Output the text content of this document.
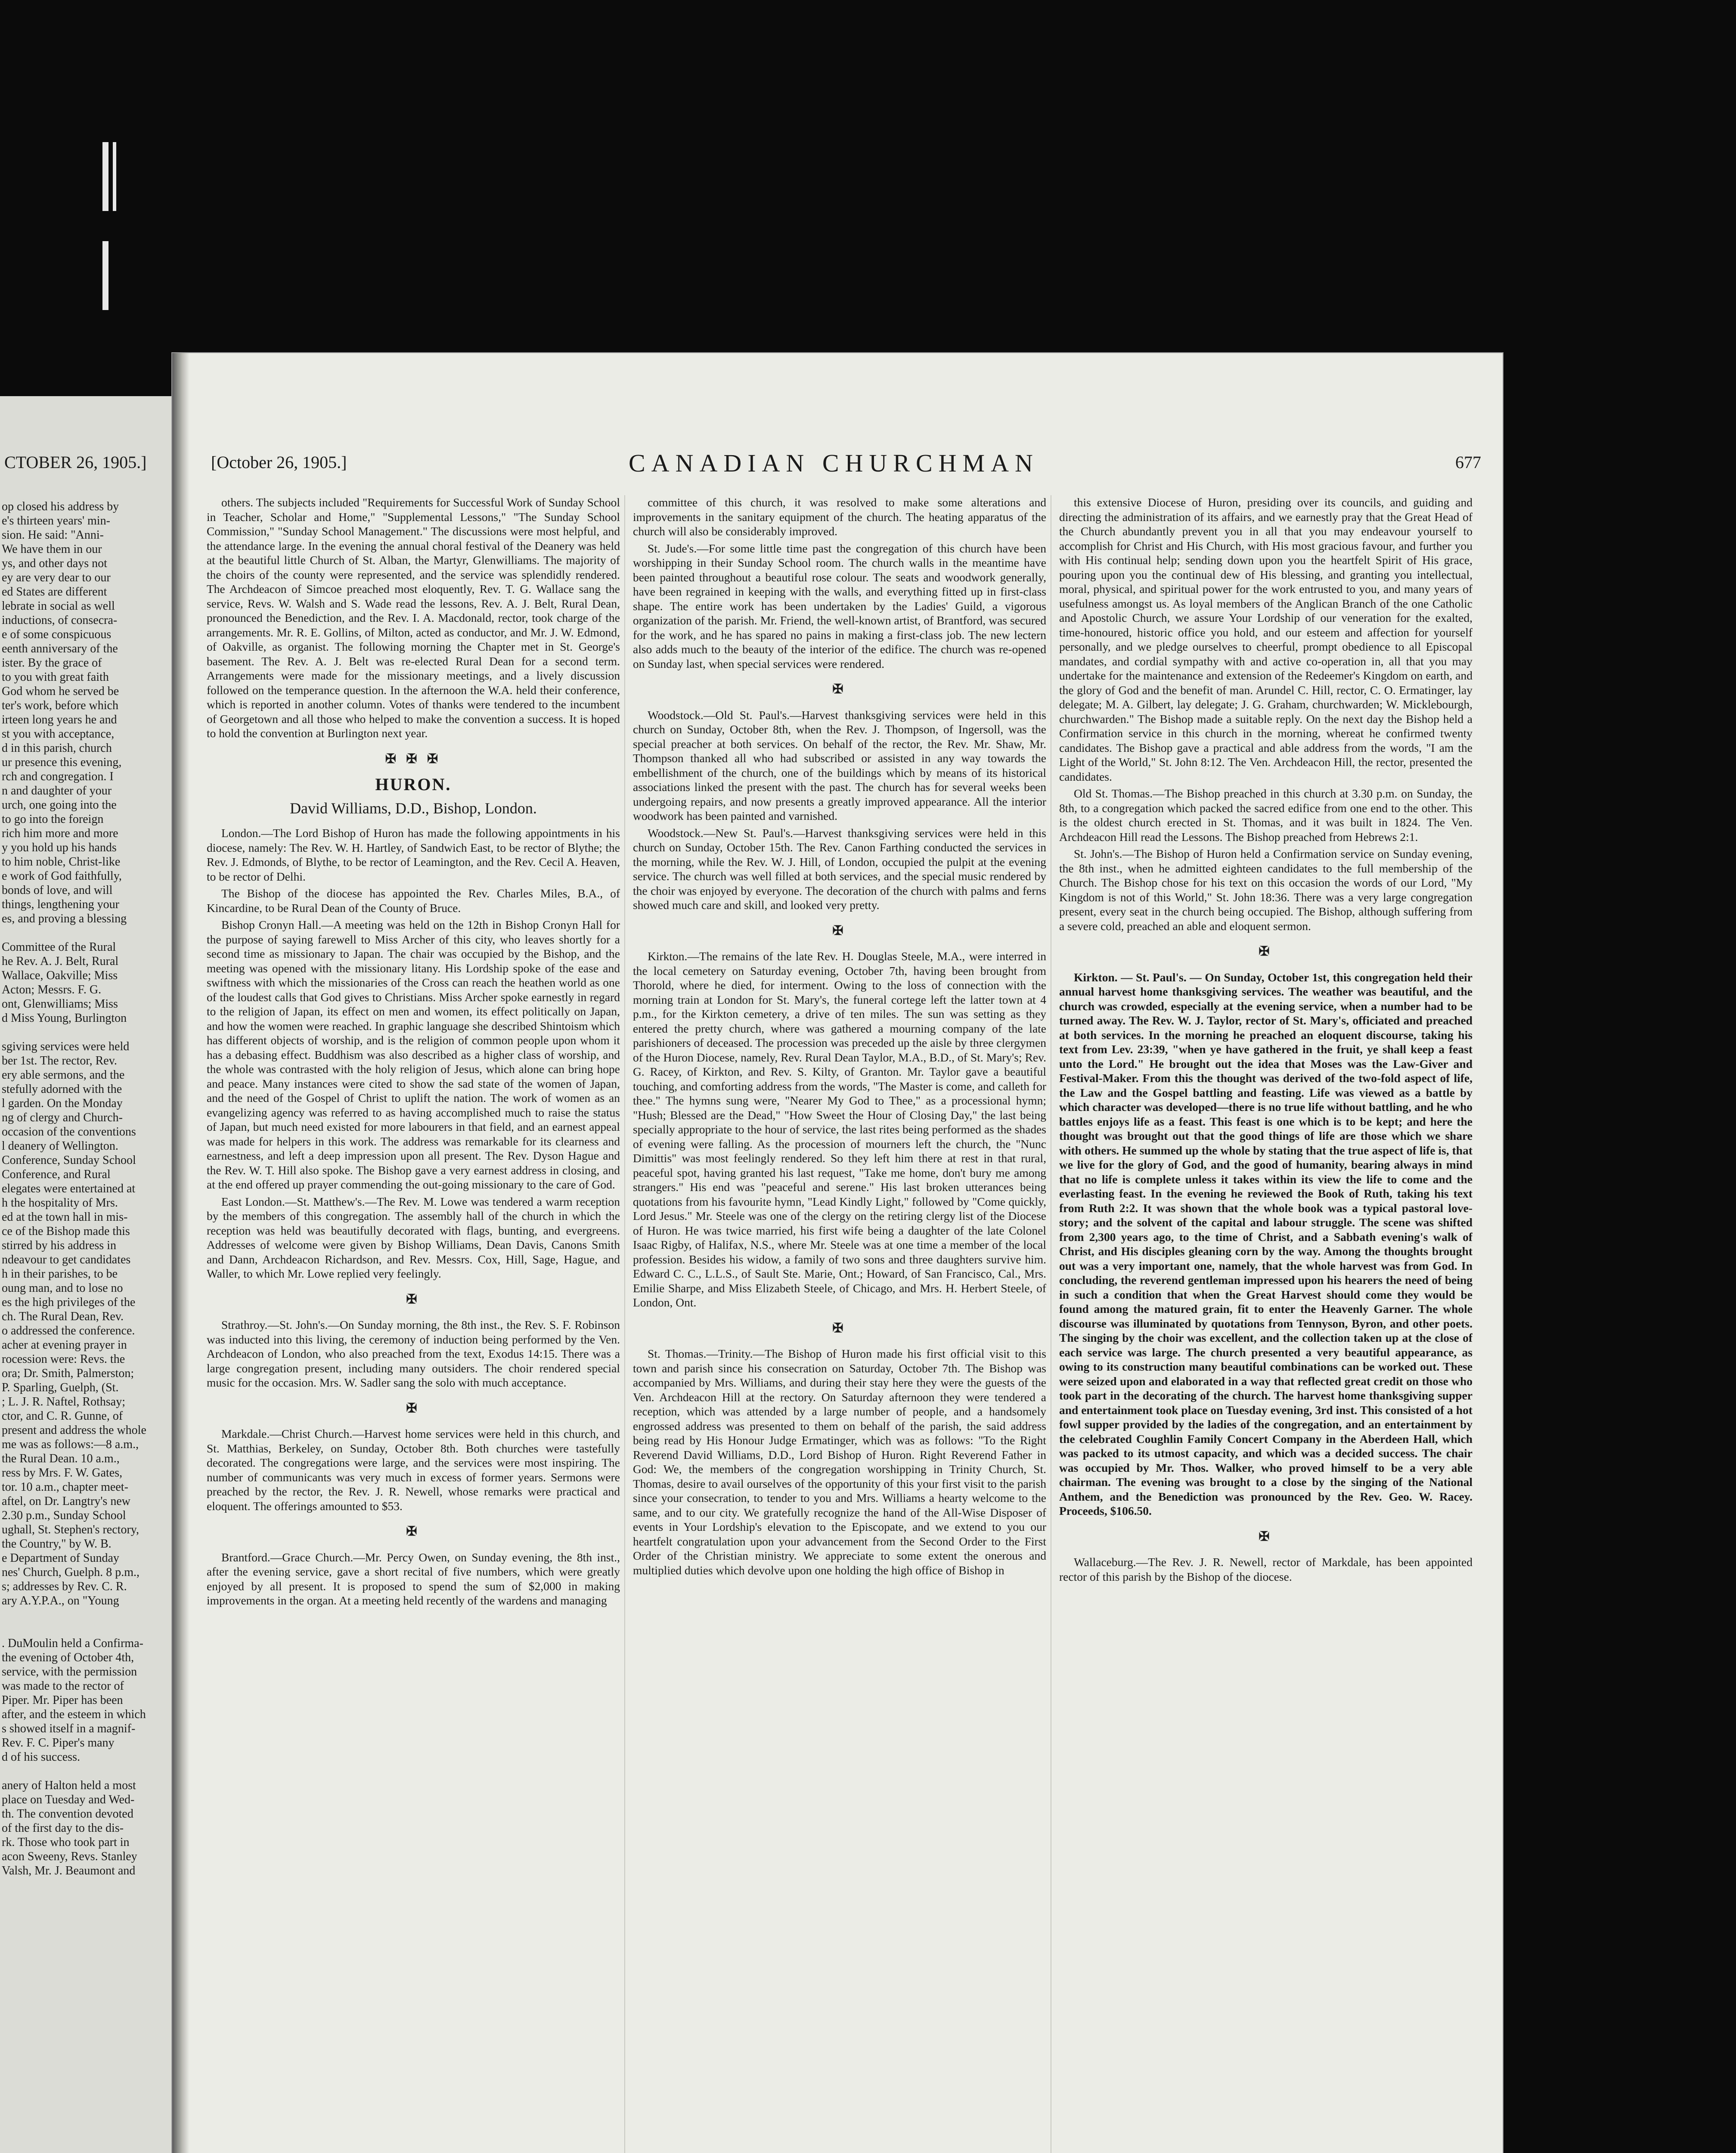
CTOBER 26, 1905.]
op closed his address by
e's thirteen years' min-
sion. He said: "Anni-
We have them in our
ys, and other days not
ey are very dear to our
ed States are different
lebrate in social as well
inductions, of consecra-
e of some conspicuous
eenth anniversary of the
ister. By the grace of
to you with great faith
God whom he served be
ter's work, before which
irteen long years he and
st you with acceptance,
d in this parish, church
ur presence this evening,
rch and congregation. I
n and daughter of your
urch, one going into the
to go into the foreign
rich him more and more
y you hold up his hands
to him noble, Christ-like
e work of God faithfully,
bonds of love, and will
things, lengthening your
es, and proving a blessing

Committee of the Rural
he Rev. A. J. Belt, Rural
Wallace, Oakville; Miss
Acton; Messrs. F. G.
ont, Glenwilliams; Miss
d Miss Young, Burlington

sgiving services were held
ber 1st. The rector, Rev.
ery able sermons, and the
stefully adorned with the
l garden. On the Monday
ng of clergy and Church-
occasion of the conventions
l deanery of Wellington.
Conference, Sunday School
Conference, and Rural
elegates were entertained at
h the hospitality of Mrs.
ed at the town hall in mis-
ce of the Bishop made this
stirred by his address in
ndeavour to get candidates
h in their parishes, to be
oung man, and to lose no
es the high privileges of the
ch. The Rural Dean, Rev.
o addressed the conference.
acher at evening prayer in
rocession were: Revs. the
ora; Dr. Smith, Palmerston;
P. Sparling, Guelph, (St.
; L. J. R. Naftel, Rothsay;
ctor, and C. R. Gunne, of
present and address the whole
me was as follows:—8 a.m.,
the Rural Dean. 10 a.m.,
ress by Mrs. F. W. Gates,
tor. 10 a.m., chapter meet-
aftel, on Dr. Langtry's new
2.30 p.m., Sunday School
ughall, St. Stephen's rectory,
the Country," by W. B.
e Department of Sunday
nes' Church, Guelph. 8 p.m.,
s; addresses by Rev. C. R.
ary A.Y.P.A., on "Young

. DuMoulin held a Confirma-
the evening of October 4th,
service, with the permission
was made to the rector of
Piper. Mr. Piper has been
after, and the esteem in which
s showed itself in a magnif-
Rev. F. C. Piper's many
d of his success.

anery of Halton held a most
place on Tuesday and Wed-
th. The convention devoted
of the first day to the dis-
rk. Those who took part in
acon Sweeny, Revs. Stanley
Valsh, Mr. J. Beaumont and
[October 26, 1905.]	CANADIAN CHURCHMAN	677

others. The subjects included "Requirements for Successful Work of Sunday School in Teacher, Scholar and Home," "Supplemental Lessons," "The Sunday School Commission," "Sunday School Management." The discussions were most helpful, and the attendance large. In the evening the annual choral festival of the Deanery was held at the beautiful little Church of St. Alban, the Martyr, Glenwilliams. The majority of the choirs of the county were represented, and the service was splendidly rendered. The Archdeacon of Simcoe preached most eloquently, Rev. T. G. Wallace sang the service, Revs. W. Walsh and S. Wade read the lessons, Rev. A. J. Belt, Rural Dean, pronounced the Benediction, and the Rev. I. A. Macdonald, rector, took charge of the arrangements. Mr. R. E. Gollins, of Milton, acted as conductor, and Mr. J. W. Edmond, of Oakville, as organist. The following morning the Chapter met in St. George's basement. The Rev. A. J. Belt was re-elected Rural Dean for a second term. Arrangements were made for the missionary meetings, and a lively discussion followed on the temperance question. In the afternoon the W.A. held their conference, which is reported in another column. Votes of thanks were tendered to the incumbent of Georgetown and all those who helped to make the convention a success. It is hoped to hold the convention at Burlington next year.

✠ ✠ ✠
HURON.
David Williams, D.D., Bishop, London.

London.—The Lord Bishop of Huron has made the following appointments in his diocese, namely: The Rev. W. H. Hartley, of Sandwich East, to be rector of Blythe; the Rev. J. Edmonds, of Blythe, to be rector of Leamington, and the Rev. Cecil A. Heaven, to be rector of Delhi.

The Bishop of the diocese has appointed the Rev. Charles Miles, B.A., of Kincardine, to be Rural Dean of the County of Bruce.

Bishop Cronyn Hall.—A meeting was held on the 12th in Bishop Cronyn Hall for the purpose of saying farewell to Miss Archer of this city, who leaves shortly for a second time as missionary to Japan. The chair was occupied by the Bishop, and the meeting was opened with the missionary litany. His Lordship spoke of the ease and swiftness with which the missionaries of the Cross can reach the heathen world as one of the loudest calls that God gives to Christians. Miss Archer spoke earnestly in regard to the religion of Japan, its effect on men and women, its effect politically on Japan, and how the women were reached. In graphic language she described Shintoism which has different objects of worship, and is the religion of common people upon whom it has a debasing effect. Buddhism was also described as a higher class of worship, and the whole was contrasted with the holy religion of Jesus, which alone can bring hope and peace. Many instances were cited to show the sad state of the women of Japan, and the need of the Gospel of Christ to uplift the nation. The work of women as an evangelizing agency was referred to as having accomplished much to raise the status of Japan, but much need existed for more labourers in that field, and an earnest appeal was made for helpers in this work. The address was remarkable for its clearness and earnestness, and left a deep impression upon all present. The Rev. Dyson Hague and the Rev. W. T. Hill also spoke. The Bishop gave a very earnest address in closing, and at the end offered up prayer commending the out-going missionary to the care of God.

East London.—St. Matthew's.—The Rev. M. Lowe was tendered a warm reception by the members of this congregation. The assembly hall of the church in which the reception was held was beautifully decorated with flags, bunting, and evergreens. Addresses of welcome were given by Bishop Williams, Dean Davis, Canons Smith and Dann, Archdeacon Richardson, and Rev. Messrs. Cox, Hill, Sage, Hague, and Waller, to which Mr. Lowe replied very feelingly.

✠

Strathroy.—St. John's.—On Sunday morning, the 8th inst., the Rev. S. F. Robinson was inducted into this living, the ceremony of induction being performed by the Ven. Archdeacon of London, who also preached from the text, Exodus 14:15. There was a large congregation present, including many outsiders. The choir rendered special music for the occasion. Mrs. W. Sadler sang the solo with much acceptance.

✠

Markdale.—Christ Church.—Harvest home services were held in this church, and St. Matthias, Berkeley, on Sunday, October 8th. Both churches were tastefully decorated. The congregations were large, and the services were most inspiring. The number of communicants was very much in excess of former years. Sermons were preached by the rector, the Rev. J. R. Newell, whose remarks were practical and eloquent. The offerings amounted to $53.

✠

Brantford.—Grace Church.—Mr. Percy Owen, on Sunday evening, the 8th inst., after the evening service, gave a short recital of five numbers, which were greatly enjoyed by all present. It is proposed to spend the sum of $2,000 in making improvements in the organ. At a meeting held recently of the wardens and managing

committee of this church, it was resolved to make some alterations and improvements in the sanitary equipment of the church. The heating apparatus of the church will also be considerably improved.

St. Jude's.—For some little time past the congregation of this church have been worshipping in their Sunday School room. The church walls in the meantime have been painted throughout a beautiful rose colour. The seats and woodwork generally, have been regrained in keeping with the walls, and everything fitted up in first-class shape. The entire work has been undertaken by the Ladies' Guild, a vigorous organization of the parish. Mr. Friend, the well-known artist, of Brantford, was secured for the work, and he has spared no pains in making a first-class job. The new lectern also adds much to the beauty of the interior of the edifice. The church was re-opened on Sunday last, when special services were rendered.

✠

Woodstock.—Old St. Paul's.—Harvest thanksgiving services were held in this church on Sunday, October 8th, when the Rev. J. Thompson, of Ingersoll, was the special preacher at both services. On behalf of the rector, the Rev. Mr. Shaw, Mr. Thompson thanked all who had subscribed or assisted in any way towards the embellishment of the church, one of the buildings which by means of its historical associations linked the present with the past. The church has for several weeks been undergoing repairs, and now presents a greatly improved appearance. All the interior woodwork has been painted and varnished.

Woodstock.—New St. Paul's.—Harvest thanksgiving services were held in this church on Sunday, October 15th. The Rev. Canon Farthing conducted the services in the morning, while the Rev. W. J. Hill, of London, occupied the pulpit at the evening service. The church was well filled at both services, and the special music rendered by the choir was enjoyed by everyone. The decoration of the church with palms and ferns showed much care and skill, and looked very pretty.

✠

Kirkton.—The remains of the late Rev. H. Douglas Steele, M.A., were interred in the local cemetery on Saturday evening, October 7th, having been brought from Thorold, where he died, for interment. Owing to the loss of connection with the morning train at London for St. Mary's, the funeral cortege left the latter town at 4 p.m., for the Kirkton cemetery, a drive of ten miles. The sun was setting as they entered the pretty church, where was gathered a mourning company of the late parishioners of deceased. The procession was preceded up the aisle by three clergymen of the Huron Diocese, namely, Rev. Rural Dean Taylor, M.A., B.D., of St. Mary's; Rev. G. Racey, of Kirkton, and Rev. S. Kilty, of Granton. Mr. Taylor gave a beautiful touching, and comforting address from the words, "The Master is come, and calleth for thee." The hymns sung were, "Nearer My God to Thee," as a processional hymn; "Hush; Blessed are the Dead," "How Sweet the Hour of Closing Day," the last being specially appropriate to the hour of service, the last rites being performed as the shades of evening were falling. As the procession of mourners left the church, the "Nunc Dimittis" was most feelingly rendered. So they left him there at rest in that rural, peaceful spot, having granted his last request, "Take me home, don't bury me among strangers." His end was "peaceful and serene." His last broken utterances being quotations from his favourite hymn, "Lead Kindly Light," followed by "Come quickly, Lord Jesus." Mr. Steele was one of the clergy on the retiring clergy list of the Diocese of Huron. He was twice married, his first wife being a daughter of the late Colonel Isaac Rigby, of Halifax, N.S., where Mr. Steele was at one time a member of the local profession. Besides his widow, a family of two sons and three daughters survive him. Edward C. C., L.L.S., of Sault Ste. Marie, Ont.; Howard, of San Francisco, Cal., Mrs. Emilie Sharpe, and Miss Elizabeth Steele, of Chicago, and Mrs. H. Herbert Steele, of London, Ont.

✠

St. Thomas.—Trinity.—The Bishop of Huron made his first official visit to this town and parish since his consecration on Saturday, October 7th. The Bishop was accompanied by Mrs. Williams, and during their stay here they were the guests of the Ven. Archdeacon Hill at the rectory. On Saturday afternoon they were tendered a reception, which was attended by a large number of people, and a handsomely engrossed address was presented to them on behalf of the parish, the said address being read by His Honour Judge Ermatinger, which was as follows: "To the Right Reverend David Williams, D.D., Lord Bishop of Huron. Right Reverend Father in God: We, the members of the congregation worshipping in Trinity Church, St. Thomas, desire to avail ourselves of the opportunity of this your first visit to the parish since your consecration, to tender to you and Mrs. Williams a hearty welcome to the same, and to our city. We gratefully recognize the hand of the All-Wise Disposer of events in Your Lordship's elevation to the Episcopate, and we extend to you our heartfelt congratulation upon your advancement from the Second Order to the First Order of the Christian ministry. We appreciate to some extent the onerous and multiplied duties which devolve upon one holding the high office of Bishop in

this extensive Diocese of Huron, presiding over its councils, and guiding and directing the administration of its affairs, and we earnestly pray that the Great Head of the Church abundantly prevent you in all that you may endeavour yourself to accomplish for Christ and His Church, with His most gracious favour, and further you with His continual help; sending down upon you the heartfelt Spirit of His grace, pouring upon you the continual dew of His blessing, and granting you intellectual, moral, physical, and spiritual power for the work entrusted to you, and many years of usefulness amongst us. As loyal members of the Anglican Branch of the one Catholic and Apostolic Church, we assure Your Lordship of our veneration for the exalted, time-honoured, historic office you hold, and our esteem and affection for yourself personally, and we pledge ourselves to cheerful, prompt obedience to all Episcopal mandates, and cordial sympathy with and active co-operation in, all that you may undertake for the maintenance and extension of the Redeemer's Kingdom on earth, and the glory of God and the benefit of man. Arundel C. Hill, rector, C. O. Ermatinger, lay delegate; M. A. Gilbert, lay delegate; J. G. Graham, churchwarden; W. Micklebourgh, churchwarden." The Bishop made a suitable reply. On the next day the Bishop held a Confirmation service in this church in the morning, whereat he confirmed twenty candidates. The Bishop gave a practical and able address from the words, "I am the Light of the World," St. John 8:12. The Ven. Archdeacon Hill, the rector, presented the candidates.

Old St. Thomas.—The Bishop preached in this church at 3.30 p.m. on Sunday, the 8th, to a congregation which packed the sacred edifice from one end to the other. This is the oldest church erected in St. Thomas, and it was built in 1824. The Ven. Archdeacon Hill read the Lessons. The Bishop preached from Hebrews 2:1.

St. John's.—The Bishop of Huron held a Confirmation service on Sunday evening, the 8th inst., when he admitted eighteen candidates to the full membership of the Church. The Bishop chose for his text on this occasion the words of our Lord, "My Kingdom is not of this World," St. John 18:36. There was a very large congregation present, every seat in the church being occupied. The Bishop, although suffering from a severe cold, preached an able and eloquent sermon.

✠

Kirkton. — St. Paul's. — On Sunday, October 1st, this congregation held their annual harvest home thanksgiving services. The weather was beautiful, and the church was crowded, especially at the evening service, when a number had to be turned away. The Rev. W. J. Taylor, rector of St. Mary's, officiated and preached at both services. In the morning he preached an eloquent discourse, taking his text from Lev. 23:39, "when ye have gathered in the fruit, ye shall keep a feast unto the Lord." He brought out the idea that Moses was the Law-Giver and Festival-Maker. From this the thought was derived of the two-fold aspect of life, the Law and the Gospel battling and feasting. Life was viewed as a battle by which character was developed—there is no true life without battling, and he who battles enjoys life as a feast. This feast is one which is to be kept; and here the thought was brought out that the good things of life are those which we share with others. He summed up the whole by stating that the true aspect of life is, that we live for the glory of God, and the good of humanity, bearing always in mind that no life is complete unless it takes within its view the life to come and the everlasting feast. In the evening he reviewed the Book of Ruth, taking his text from Ruth 2:2. It was shown that the whole book was a typical pastoral love-story; and the solvent of the capital and labour struggle. The scene was shifted from 2,300 years ago, to the time of Christ, and a Sabbath evening's walk of Christ, and His disciples gleaning corn by the way. Among the thoughts brought out was a very important one, namely, that the whole harvest was from God. In concluding, the reverend gentleman impressed upon his hearers the need of being in such a condition that when the Great Harvest should come they would be found among the matured grain, fit to enter the Heavenly Garner. The whole discourse was illuminated by quotations from Tennyson, Byron, and other poets. The singing by the choir was excellent, and the collection taken up at the close of each service was large. The church presented a very beautiful appearance, as owing to its construction many beautiful combinations can be worked out. These were seized upon and elaborated in a way that reflected great credit on those who took part in the decorating of the church. The harvest home thanksgiving supper and entertainment took place on Tuesday evening, 3rd inst. This consisted of a hot fowl supper provided by the ladies of the congregation, and an entertainment by the celebrated Coughlin Family Concert Company in the Aberdeen Hall, which was packed to its utmost capacity, and which was a decided success. The chair was occupied by Mr. Thos. Walker, who proved himself to be a very able chairman. The evening was brought to a close by the singing of the National Anthem, and the Benediction was pronounced by the Rev. Geo. W. Racey. Proceeds, $106.50.

✠

Wallaceburg.—The Rev. J. R. Newell, rector of Markdale, has been appointed rector of this parish by the Bishop of the diocese.
